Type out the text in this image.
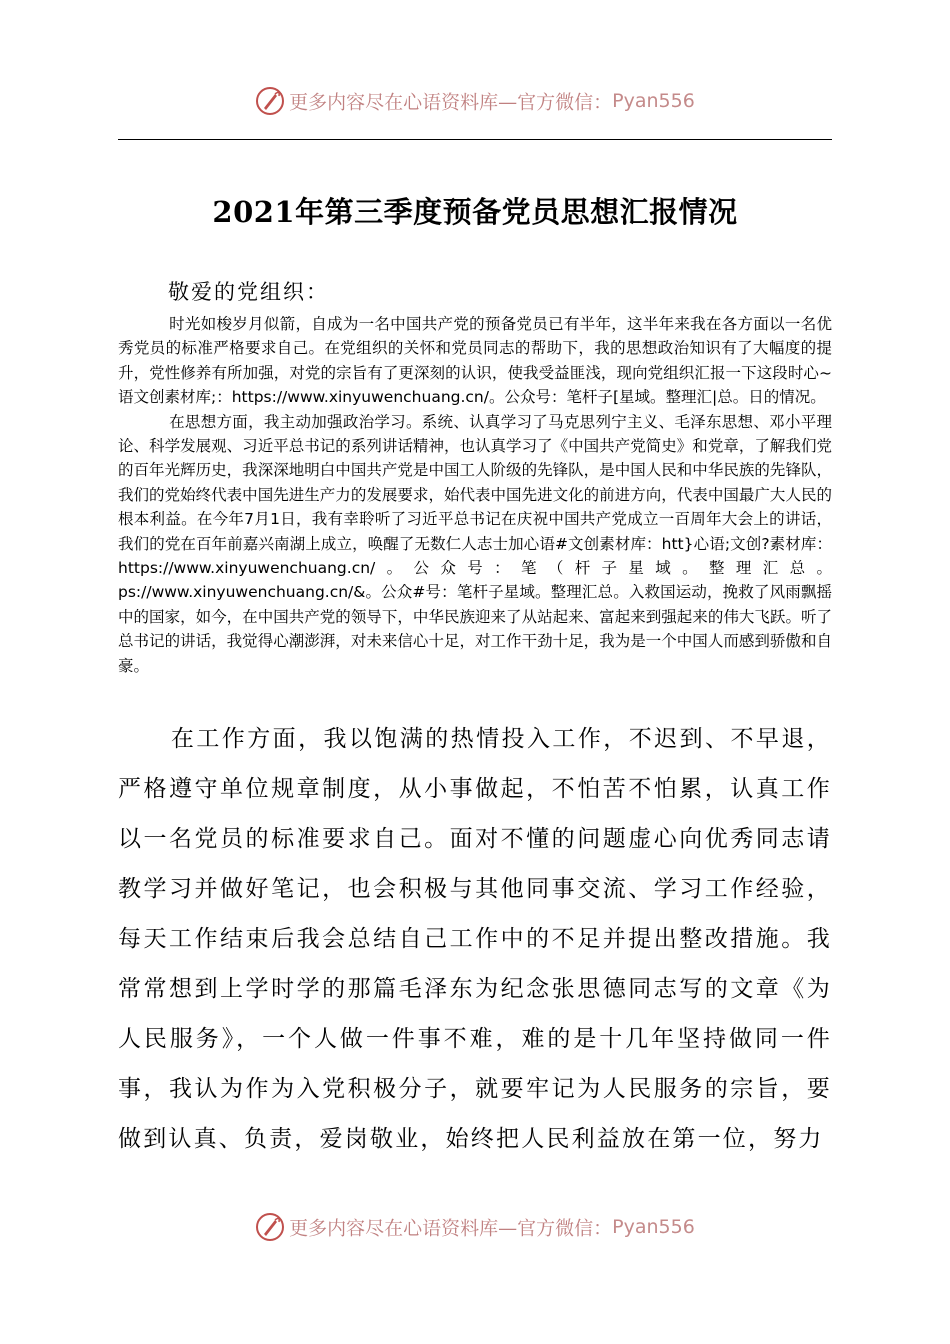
更多内容尽在心语资料库—官方微信：Pyan556
2021年第三季度预备党员思想汇报情况
敬爱的党组织：

时光如梭岁月似箭，自成为一名中国共产党的预备党员已有半年，这半年来我在各方面以一名优秀党员的标准严格要求自己。在党组织的关怀和党员同志的帮助下，我的思想政治知识有了大幅度的提升，党性修养有所加强，对党的宗旨有了更深刻的认识，使我受益匪浅，现向党组织汇报一下这段时心~语文创素材库;：https://www.xinyuwenchuang.cn/。公众号：笔杆子[星域。整理汇|总。日的情况。

在思想方面，我主动加强政治学习。系统、认真学习了马克思列宁主义、毛泽东思想、邓小平理论、科学发展观、习近平总书记的系列讲话精神，也认真学习了《中国共产党简史》和党章，了解我们党的百年光辉历史，我深深地明白中国共产党是中国工人阶级的先锋队，是中国人民和中华民族的先锋队，我们的党始终代表中国先进生产力的发展要求，始代表中国先进文化的前进方向，代表中国最广大人民的根本利益。在今年7月1日，我有幸聆听了习近平总书记在庆祝中国共产党成立一百周年大会上的讲话，我们的党在百年前嘉兴南湖上成立，唤醒了无数仁人志士加心语#文创素材库：htt}心语;文创?素材库：https://www.xinyuwenchuang.cn/。公众号：笔（杆子星域。整理汇总。ps://www.xinyuwenchuang.cn/&。公众#号：笔杆子星域。整理汇总。入救国运动，挽救了风雨飘摇中的国家，如今，在中国共产党的领导下，中华民族迎来了从站起来、富起来到强起来的伟大飞跃。听了总书记的讲话，我觉得心潮澎湃，对未来信心十足，对工作干劲十足，我为是一个中国人而感到骄傲和自豪。

在工作方面，我以饱满的热情投入工作，不迟到、不早退，严格遵守单位规章制度，从小事做起，不怕苦不怕累，认真工作以一名党员的标准要求自己。面对不懂的问题虚心向优秀同志请教学习并做好笔记，也会积极与其他同事交流、学习工作经验，每天工作结束后我会总结自己工作中的不足并提出整改措施。我常常想到上学时学的那篇毛泽东为纪念张思德同志写的文章《为人民服务》，一个人做一件事不难，难的是十几年坚持做同一件事，我认为作为入党积极分子，就要牢记为人民服务的宗旨，要做到认真、负责，爱岗敬业，始终把人民利益放在第一位，努力

更多内容尽在心语资料库—官方微信：Pyan556
